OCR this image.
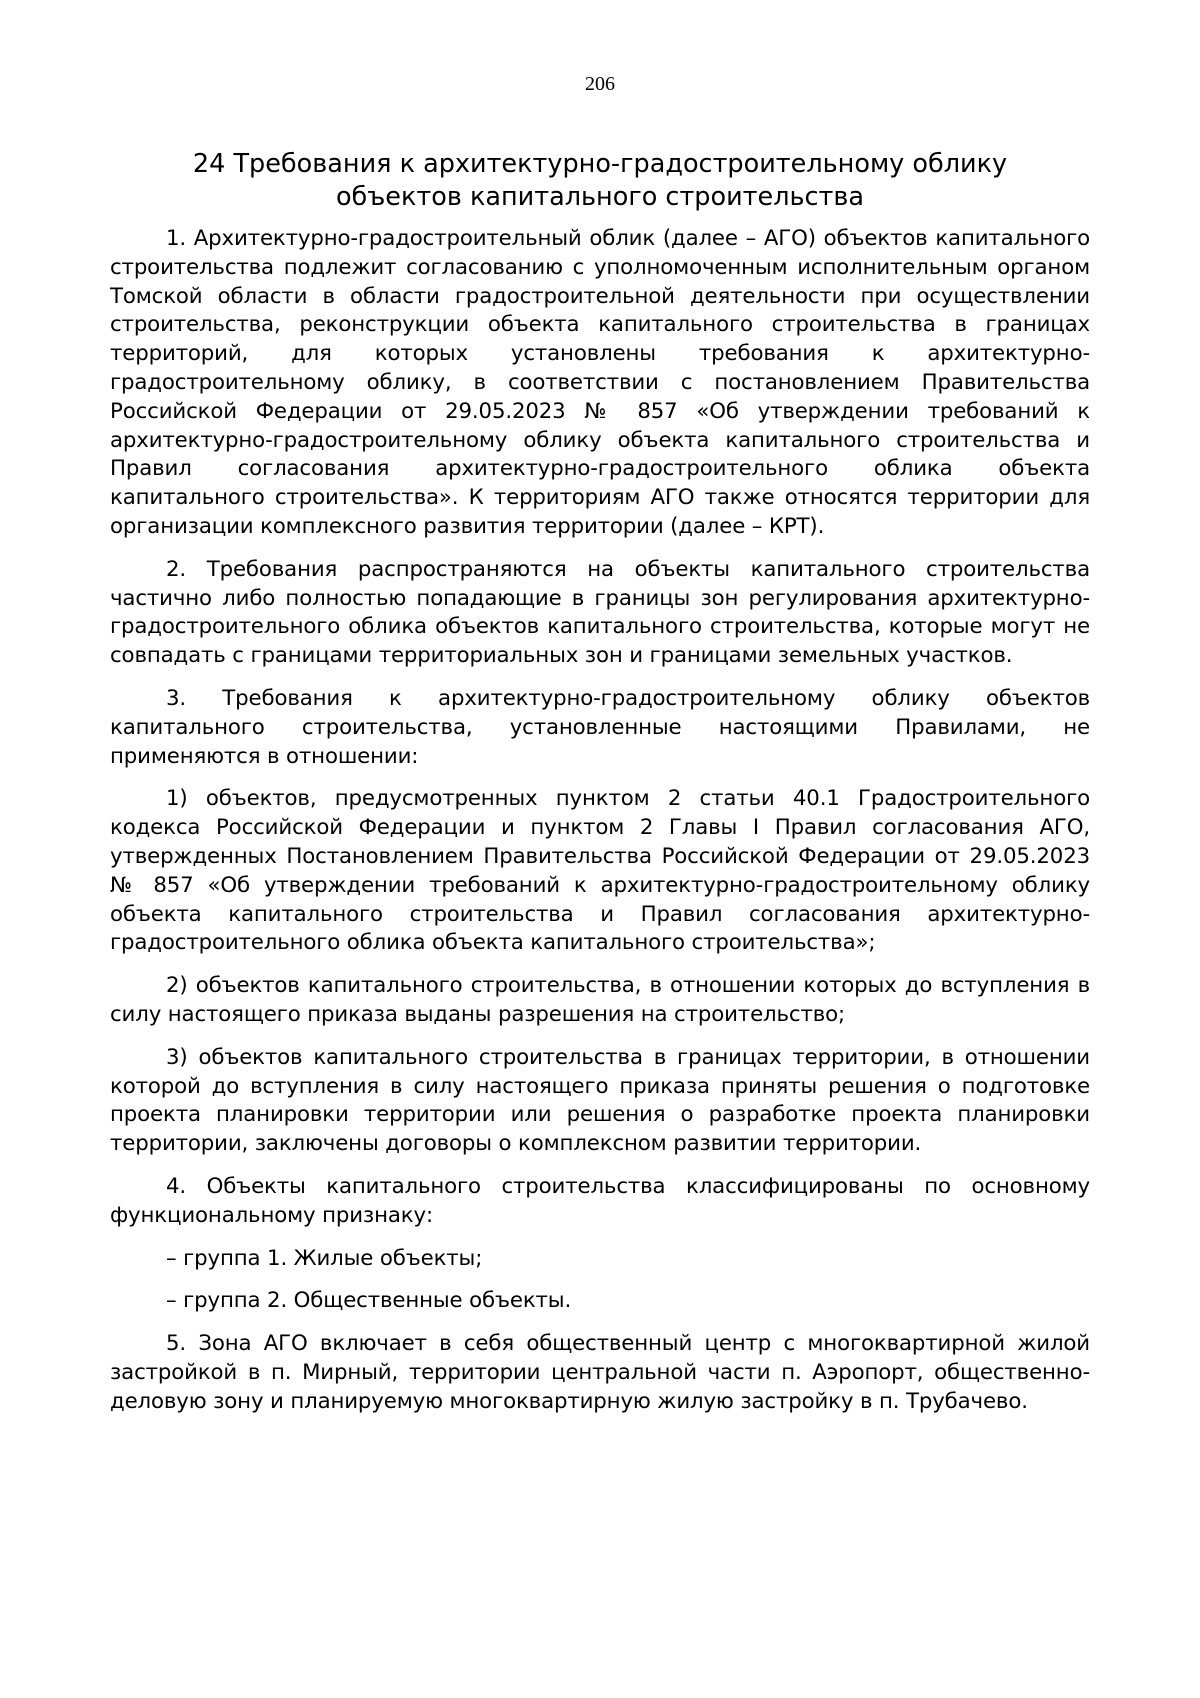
206
24 Требования к архитектурно-градостроительному облику
объектов капитального строительства

1. Архитектурно-градостроительный облик (далее – АГО) объектов капитального строительства подлежит согласованию с уполномоченным исполнительным органом Томской области в области градостроительной деятельности при осуществлении строительства, реконструкции объекта капитального строительства в границах территорий, для которых установлены требования к архитектурно-градостроительному облику, в соответствии с постановлением Правительства Российской Федерации от 29.05.2023 № 857 «Об утверждении требований к архитектурно-градостроительному облику объекта капитального строительства и Правил согласования архитектурно-градостроительного облика объекта капитального строительства». К территориям АГО также относятся территории для организации комплексного развития территории (далее – КРТ).

2. Требования распространяются на объекты капитального строительства частично либо полностью попадающие в границы зон регулирования архитектурно-градостроительного облика объектов капитального строительства, которые могут не совпадать с границами территориальных зон и границами земельных участков.

3. Требования к архитектурно-градостроительному облику объектов капитального строительства, установленные настоящими Правилами, не применяются в отношении:

1) объектов, предусмотренных пунктом 2 статьи 40.1 Градостроительного кодекса Российской Федерации и пунктом 2 Главы I Правил согласования АГО, утвержденных Постановлением Правительства Российской Федерации от 29.05.2023 № 857 «Об утверждении требований к архитектурно-градостроительному облику объекта капитального строительства и Правил согласования архитектурно-градостроительного облика объекта капитального строительства»;

2) объектов капитального строительства, в отношении которых до вступления в силу настоящего приказа выданы разрешения на строительство;

3) объектов капитального строительства в границах территории, в отношении которой до вступления в силу настоящего приказа приняты решения о подготовке проекта планировки территории или решения о разработке проекта планировки территории, заключены договоры о комплексном развитии территории.

4. Объекты капитального строительства классифицированы по основному функциональному признаку:

– группа 1. Жилые объекты;

– группа 2. Общественные объекты.

5. Зона АГО включает в себя общественный центр с многоквартирной жилой застройкой в п. Мирный, территории центральной части п. Аэропорт, общественно-деловую зону и планируемую многоквартирную жилую застройку в п. Трубачево.
